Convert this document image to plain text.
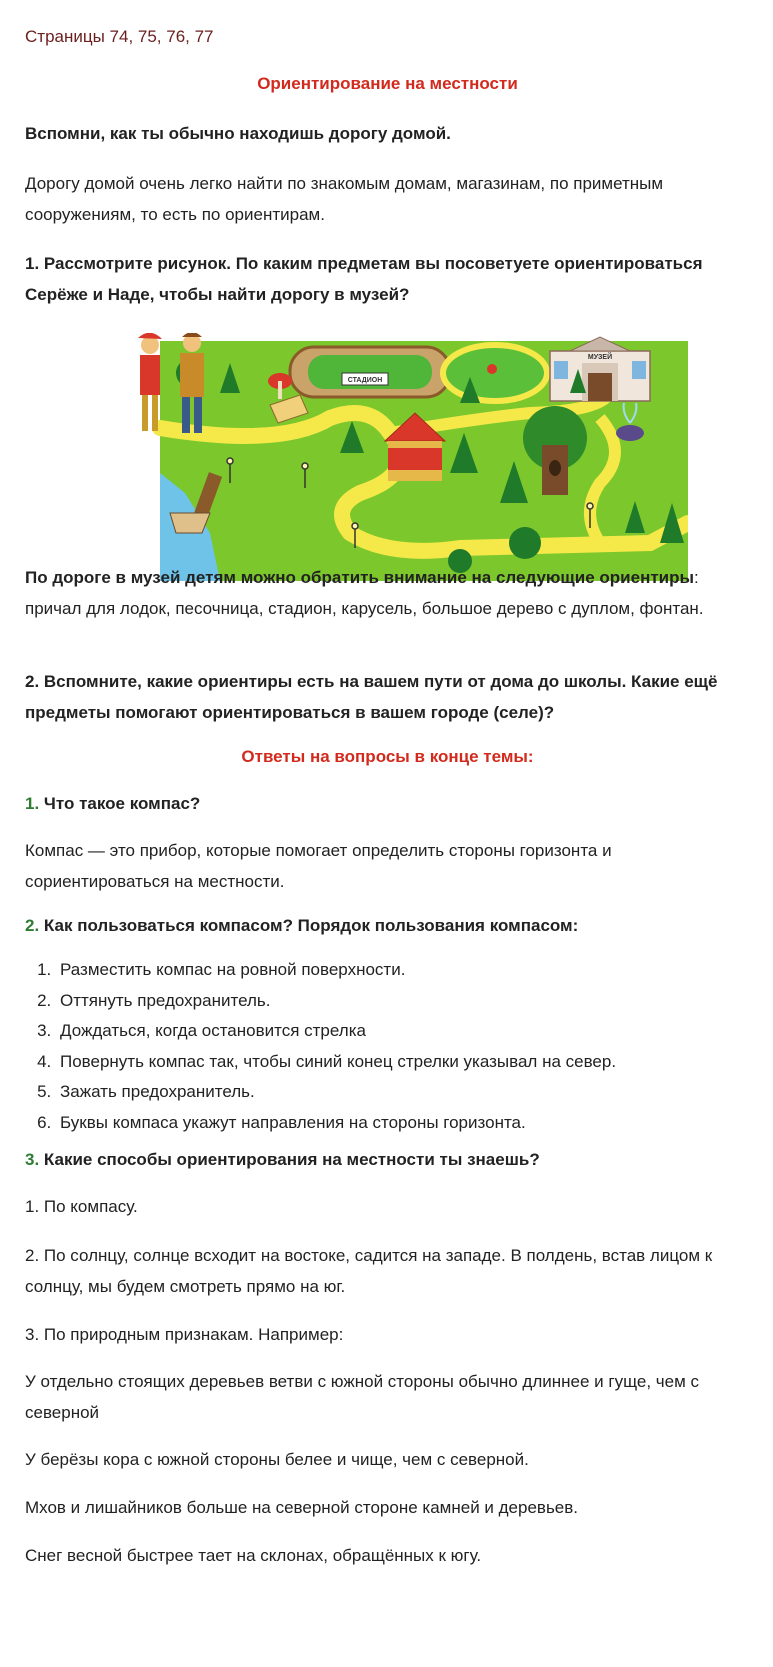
Страницы 74, 75, 76, 77

Ориентирование на местности

Вспомни, как ты обычно находишь дорогу домой.

Дорогу домой очень легко найти по знакомым домам, магазинам, по приметным сооружениям, то есть по ориентирам.

1. Рассмотрите рисунок. По каким предметам вы посоветуете ориентироваться Серёже и Наде, чтобы найти дорогу в музей?

СТАДИОН
МУЗЕЙ

По дороге в музей детям можно обратить внимание на следующие ориентиры: причал для лодок, песочница, стадион, карусель, большое дерево с дуплом, фонтан.

2. Вспомните, какие ориентиры есть на вашем пути от дома до школы. Какие ещё предметы помогают ориентироваться в вашем городе (селе)?

Ответы на вопросы в конце темы:

1. Что такое компас?

Компас — это прибор, которые помогает определить стороны горизонта и сориентироваться на местности.

2. Как пользоваться компасом? Порядок пользования компасом:

1. Разместить компас на ровной поверхности.
2. Оттянуть предохранитель.
3. Дождаться, когда остановится стрелка
4. Повернуть компас так, чтобы синий конец стрелки указывал на север.
5. Зажать предохранитель.
6. Буквы компаса укажут направления на стороны горизонта.

3. Какие способы ориентирования на местности ты знаешь?

1. По компасу.

2. По солнцу, солнце всходит на востоке, садится на западе. В полдень, встав лицом к солнцу, мы будем смотреть прямо на юг.

3. По природным признакам. Например:

У отдельно стоящих деревьев ветви с южной стороны обычно длиннее и гуще, чем с северной

У берёзы кора с южной стороны белее и чище, чем с северной.

Мхов и лишайников больше на северной стороне камней и деревьев.

Снег весной быстрее тает на склонах, обращённых к югу.
